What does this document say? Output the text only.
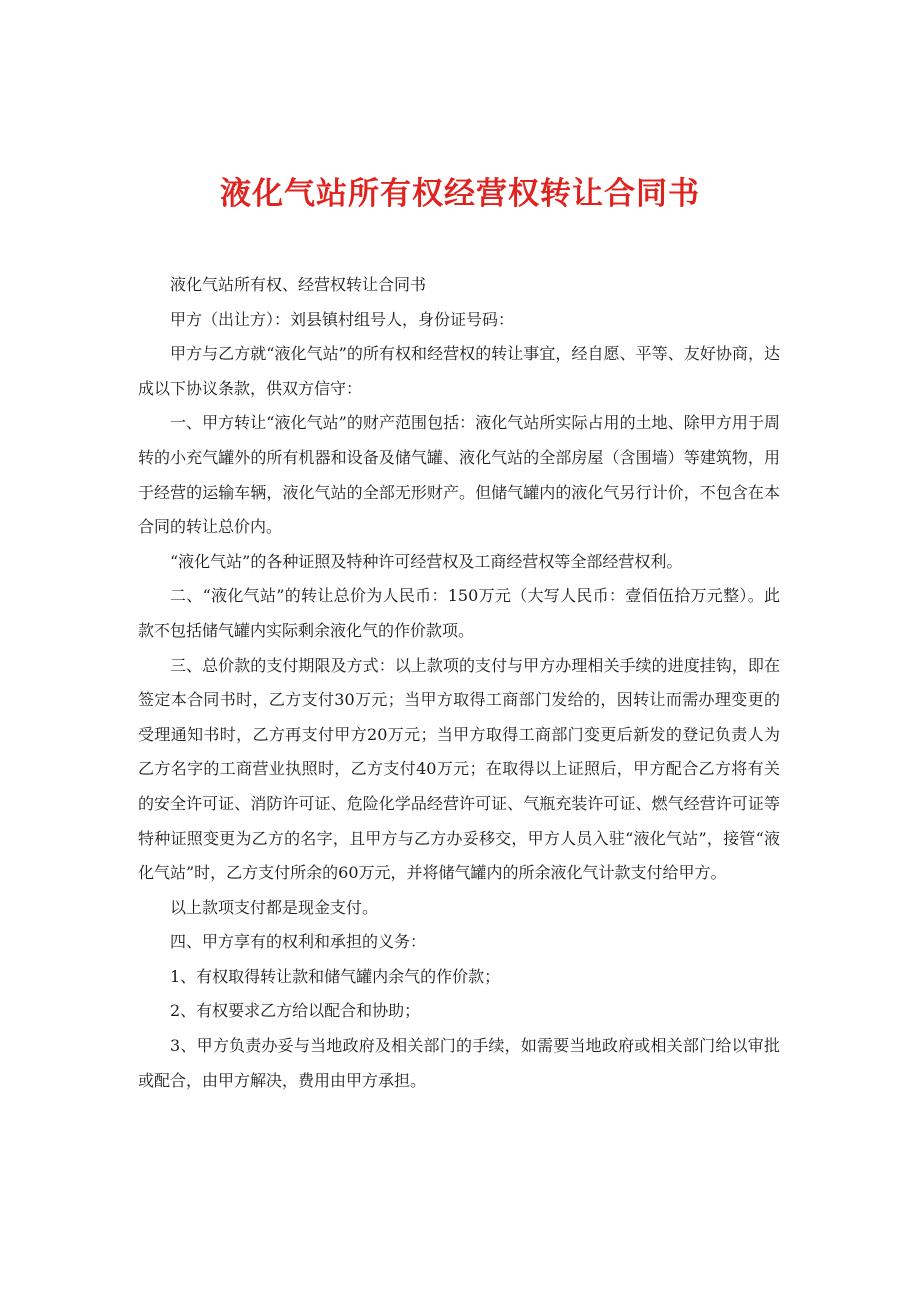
液化气站所有权经营权转让合同书

液化气站所有权、经营权转让合同书

甲方（出让方）：刘县镇村组号人，身份证号码：

甲方与乙方就“液化气站”的所有权和经营权的转让事宜，经自愿、平等、友好协商，达成以下协议条款，供双方信守：

一、甲方转让“液化气站”的财产范围包括：液化气站所实际占用的土地、除甲方用于周转的小充气罐外的所有机器和设备及储气罐、液化气站的全部房屋（含围墙）等建筑物，用于经营的运输车辆，液化气站的全部无形财产。但储气罐内的液化气另行计价，不包含在本合同的转让总价内。

“液化气站”的各种证照及特种许可经营权及工商经营权等全部经营权利。

二、“液化气站”的转让总价为人民币：150万元（大写人民币：壹佰伍拾万元整）。此款不包括储气罐内实际剩余液化气的作价款项。

三、总价款的支付期限及方式：以上款项的支付与甲方办理相关手续的进度挂钩，即在签定本合同书时，乙方支付30万元；当甲方取得工商部门发给的，因转让而需办理变更的受理通知书时，乙方再支付甲方20万元；当甲方取得工商部门变更后新发的登记负责人为乙方名字的工商营业执照时，乙方支付40万元；在取得以上证照后，甲方配合乙方将有关的安全许可证、消防许可证、危险化学品经营许可证、气瓶充装许可证、燃气经营许可证等特种证照变更为乙方的名字，且甲方与乙方办妥移交，甲方人员入驻“液化气站”，接管“液化气站”时，乙方支付所余的60万元，并将储气罐内的所余液化气计款支付给甲方。

以上款项支付都是现金支付。

四、甲方享有的权利和承担的义务：

1、有权取得转让款和储气罐内余气的作价款；

2、有权要求乙方给以配合和协助；

3、甲方负责办妥与当地政府及相关部门的手续，如需要当地政府或相关部门给以审批或配合，由甲方解决，费用由甲方承担。
